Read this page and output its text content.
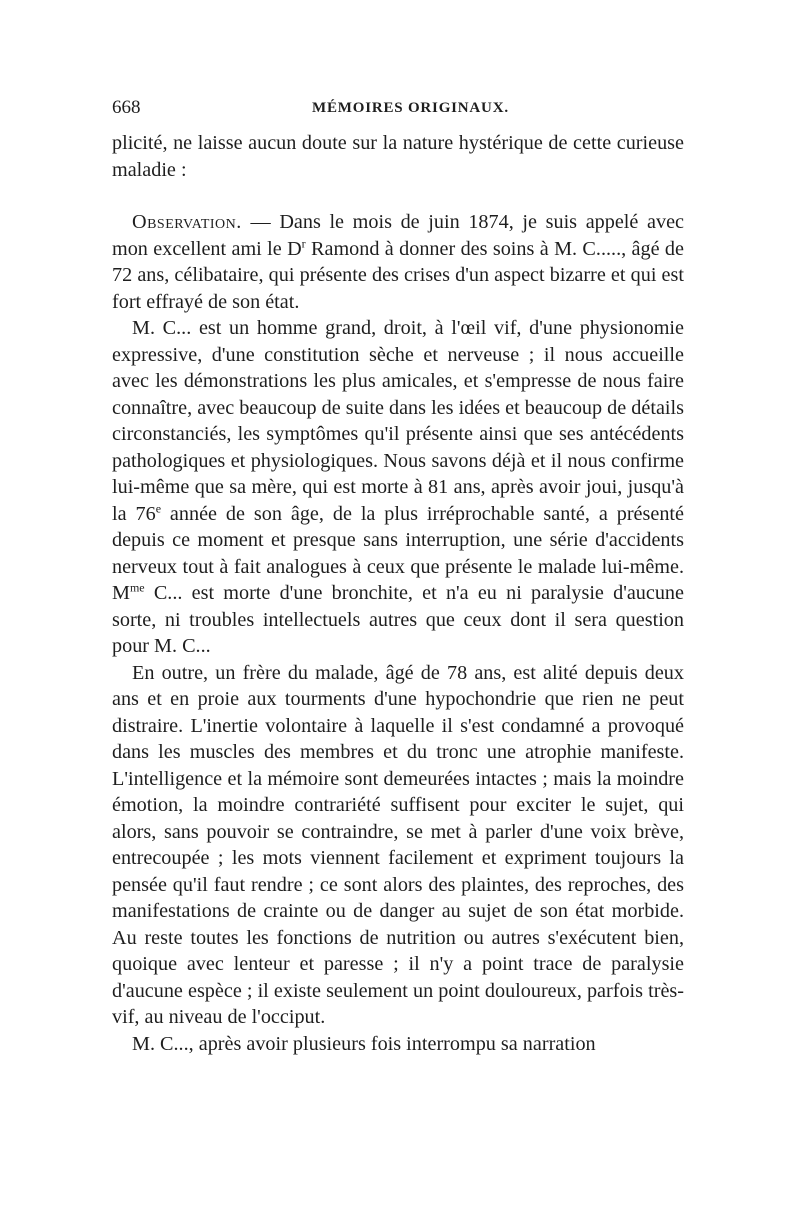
668	MÉMOIRES ORIGINAUX.

plicité, ne laisse aucun doute sur la nature hystérique de cette curieuse maladie :

Observation. — Dans le mois de juin 1874, je suis appelé avec mon excellent ami le $D^r$ Ramond à donner des soins à M. C....., âgé de 72 ans, célibataire, qui présente des crises d'un aspect bizarre et qui est fort effrayé de son état.

M. C... est un homme grand, droit, à l'œil vif, d'une physionomie expressive, d'une constitution sèche et nerveuse ; il nous accueille avec les démonstrations les plus amicales, et s'empresse de nous faire connaître, avec beaucoup de suite dans les idées et beaucoup de détails circonstanciés, les symptômes qu'il présente ainsi que ses antécédents pathologiques et physiologiques. Nous savons déjà et il nous confirme lui-même que sa mère, qui est morte à 81 ans, après avoir joui, jusqu'à la 76e année de son âge, de la plus irréprochable santé, a présenté depuis ce moment et presque sans interruption, une série d'accidents nerveux tout à fait analogues à ceux que présente le malade lui-même. $M^{me}$ C... est morte d'une bronchite, et n'a eu ni paralysie d'aucune sorte, ni troubles intellectuels autres que ceux dont il sera question pour M. C...

En outre, un frère du malade, âgé de 78 ans, est alité depuis deux ans et en proie aux tourments d'une hypochondrie que rien ne peut distraire. L'inertie volontaire à laquelle il s'est condamné a provoqué dans les muscles des membres et du tronc une atrophie manifeste. L'intelligence et la mémoire sont demeurées intactes ; mais la moindre émotion, la moindre contrariété suffisent pour exciter le sujet, qui alors, sans pouvoir se contraindre, se met à parler d'une voix brève, entrecoupée ; les mots viennent facilement et expriment toujours la pensée qu'il faut rendre ; ce sont alors des plaintes, des reproches, des manifestations de crainte ou de danger au sujet de son état morbide. Au reste toutes les fonctions de nutrition ou autres s'exécutent bien, quoique avec lenteur et paresse ; il n'y a point trace de paralysie d'aucune espèce ; il existe seulement un point douloureux, parfois très-vif, au niveau de l'occiput.

M. C..., après avoir plusieurs fois interrompu sa narration
